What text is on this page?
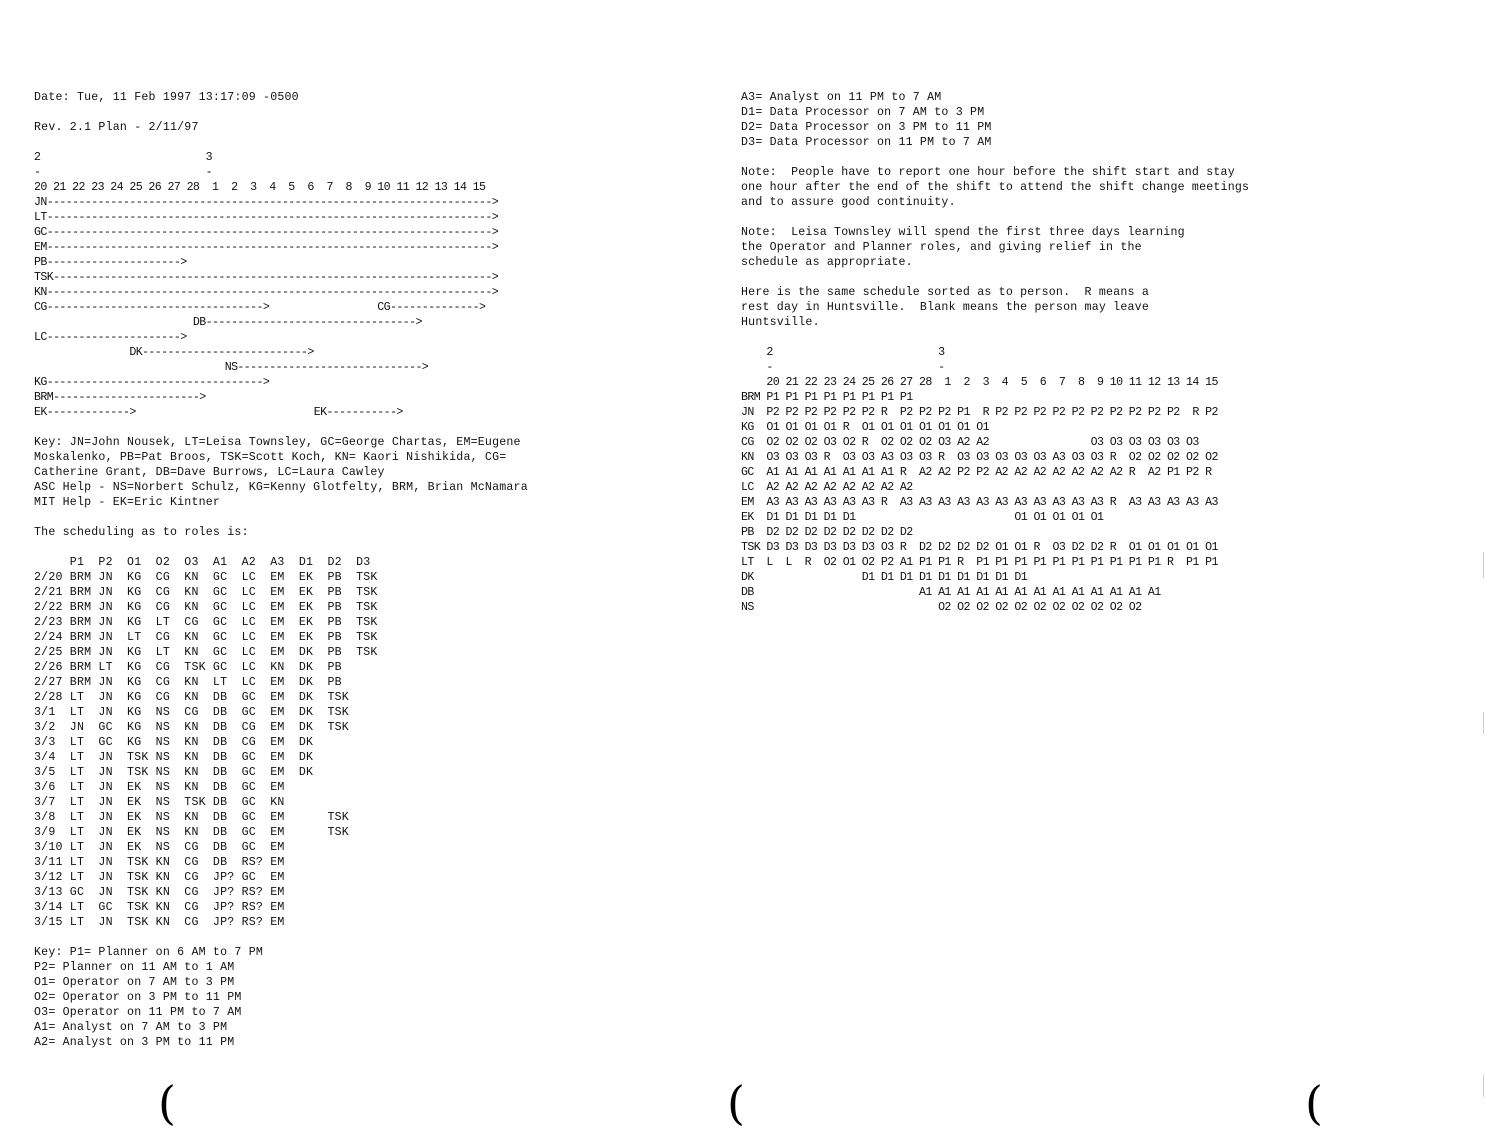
Date: Tue, 11 Feb 1997 13:17:09 -0500
Rev. 2.1 Plan - 2/11/97
2                          3
-                          -
20 21 22 23 24 25 26 27 28  1  2  3  4  5  6  7  8  9 10 11 12 13 14 15
JN---------------------------------------------------------------------->
LT---------------------------------------------------------------------->
GC---------------------------------------------------------------------->
EM---------------------------------------------------------------------->
PB--------------------->
TSK--------------------------------------------------------------------->
KN---------------------------------------------------------------------->
CG---------------------------------->                 CG-------------->
DB--------------------------------->
LC--------------------->
DK-------------------------->
NS----------------------------->
KG---------------------------------->
BRM----------------------->
EK------------->                            EK----------->
Key: JN=John Nousek, LT=Leisa Townsley, GC=George Chartas, EM=Eugene
Moskalenko, PB=Pat Broos, TSK=Scott Koch, KN= Kaori Nishikida, CG=
Catherine Grant, DB=Dave Burrows, LC=Laura Cawley
ASC Help - NS=Norbert Schulz, KG=Kenny Glotfelty, BRM, Brian McNamara
MIT Help - EK=Eric Kintner
The scheduling as to roles is:
P1  P2  O1  O2  O3  A1  A2  A3  D1  D2  D3
2/20 BRM JN  KG  CG  KN  GC  LC  EM  EK  PB  TSK
2/21 BRM JN  KG  CG  KN  GC  LC  EM  EK  PB  TSK
2/22 BRM JN  KG  CG  KN  GC  LC  EM  EK  PB  TSK
2/23 BRM JN  KG  LT  CG  GC  LC  EM  EK  PB  TSK
2/24 BRM JN  LT  CG  KN  GC  LC  EM  EK  PB  TSK
2/25 BRM JN  KG  LT  KN  GC  LC  EM  DK  PB  TSK
2/26 BRM LT  KG  CG  TSK GC  LC  KN  DK  PB
2/27 BRM JN  KG  CG  KN  LT  LC  EM  DK  PB
2/28 LT  JN  KG  CG  KN  DB  GC  EM  DK  TSK
3/1  LT  JN  KG  NS  CG  DB  GC  EM  DK  TSK
3/2  JN  GC  KG  NS  KN  DB  CG  EM  DK  TSK
3/3  LT  GC  KG  NS  KN  DB  CG  EM  DK
3/4  LT  JN  TSK NS  KN  DB  GC  EM  DK
3/5  LT  JN  TSK NS  KN  DB  GC  EM  DK
3/6  LT  JN  EK  NS  KN  DB  GC  EM
3/7  LT  JN  EK  NS  TSK DB  GC  KN
3/8  LT  JN  EK  NS  KN  DB  GC  EM      TSK
3/9  LT  JN  EK  NS  KN  DB  GC  EM      TSK
3/10 LT  JN  EK  NS  CG  DB  GC  EM
3/11 LT  JN  TSK KN  CG  DB  RS? EM
3/12 LT  JN  TSK KN  CG  JP? GC  EM
3/13 GC  JN  TSK KN  CG  JP? RS? EM
3/14 LT  GC  TSK KN  CG  JP? RS? EM
3/15 LT  JN  TSK KN  CG  JP? RS? EM
Key: P1= Planner on 6 AM to 7 PM
P2= Planner on 11 AM to 1 AM
O1= Operator on 7 AM to 3 PM
O2= Operator on 3 PM to 11 PM
O3= Operator on 11 PM to 7 AM
A1= Analyst on 7 AM to 3 PM
A2= Analyst on 3 PM to 11 PM
A3= Analyst on 11 PM to 7 AM
D1= Data Processor on 7 AM to 3 PM
D2= Data Processor on 3 PM to 11 PM
D3= Data Processor on 11 PM to 7 AM
Note:  People have to report one hour before the shift start and stay
one hour after the end of the shift to attend the shift change meetings
and to assure good continuity.
Note:  Leisa Townsley will spend the first three days learning
the Operator and Planner roles, and giving relief in the
schedule as appropriate.
Here is the same schedule sorted as to person.  R means a
rest day in Huntsville.  Blank means the person may leave
Huntsville.
2                          3
-                          -
20 21 22 23 24 25 26 27 28  1  2  3  4  5  6  7  8  9 10 11 12 13 14 15
BRM P1 P1 P1 P1 P1 P1 P1 P1
JN  P2 P2 P2 P2 P2 P2 R  P2 P2 P2 P1  R P2 P2 P2 P2 P2 P2 P2 P2 P2 P2  R P2
KG  O1 O1 O1 O1 R  O1 O1 O1 O1 O1 O1 O1
CG  O2 O2 O2 O3 O2 R  O2 O2 O2 O3 A2 A2                O3 O3 O3 O3 O3 O3
KN  O3 O3 O3 R  O3 O3 A3 O3 O3 R  O3 O3 O3 O3 O3 A3 O3 O3 R  O2 O2 O2 O2 O2
GC  A1 A1 A1 A1 A1 A1 A1 R  A2 A2 P2 P2 A2 A2 A2 A2 A2 A2 A2 R  A2 P1 P2 R
LC  A2 A2 A2 A2 A2 A2 A2 A2
EM  A3 A3 A3 A3 A3 A3 R  A3 A3 A3 A3 A3 A3 A3 A3 A3 A3 A3 R  A3 A3 A3 A3 A3
EK  D1 D1 D1 D1 D1                         O1 O1 O1 O1 O1
PB  D2 D2 D2 D2 D2 D2 D2 D2
TSK D3 D3 D3 D3 D3 D3 O3 R  D2 D2 D2 D2 O1 O1 R  O3 D2 D2 R  O1 O1 O1 O1 O1
LT  L  L  R  O2 O1 O2 P2 A1 P1 P1 R  P1 P1 P1 P1 P1 P1 P1 P1 P1 P1 R  P1 P1
DK                 D1 D1 D1 D1 D1 D1 D1 D1 D1
DB                          A1 A1 A1 A1 A1 A1 A1 A1 A1 A1 A1 A1 A1
NS                             O2 O2 O2 O2 O2 O2 O2 O2 O2 O2 O2
(	(	(
